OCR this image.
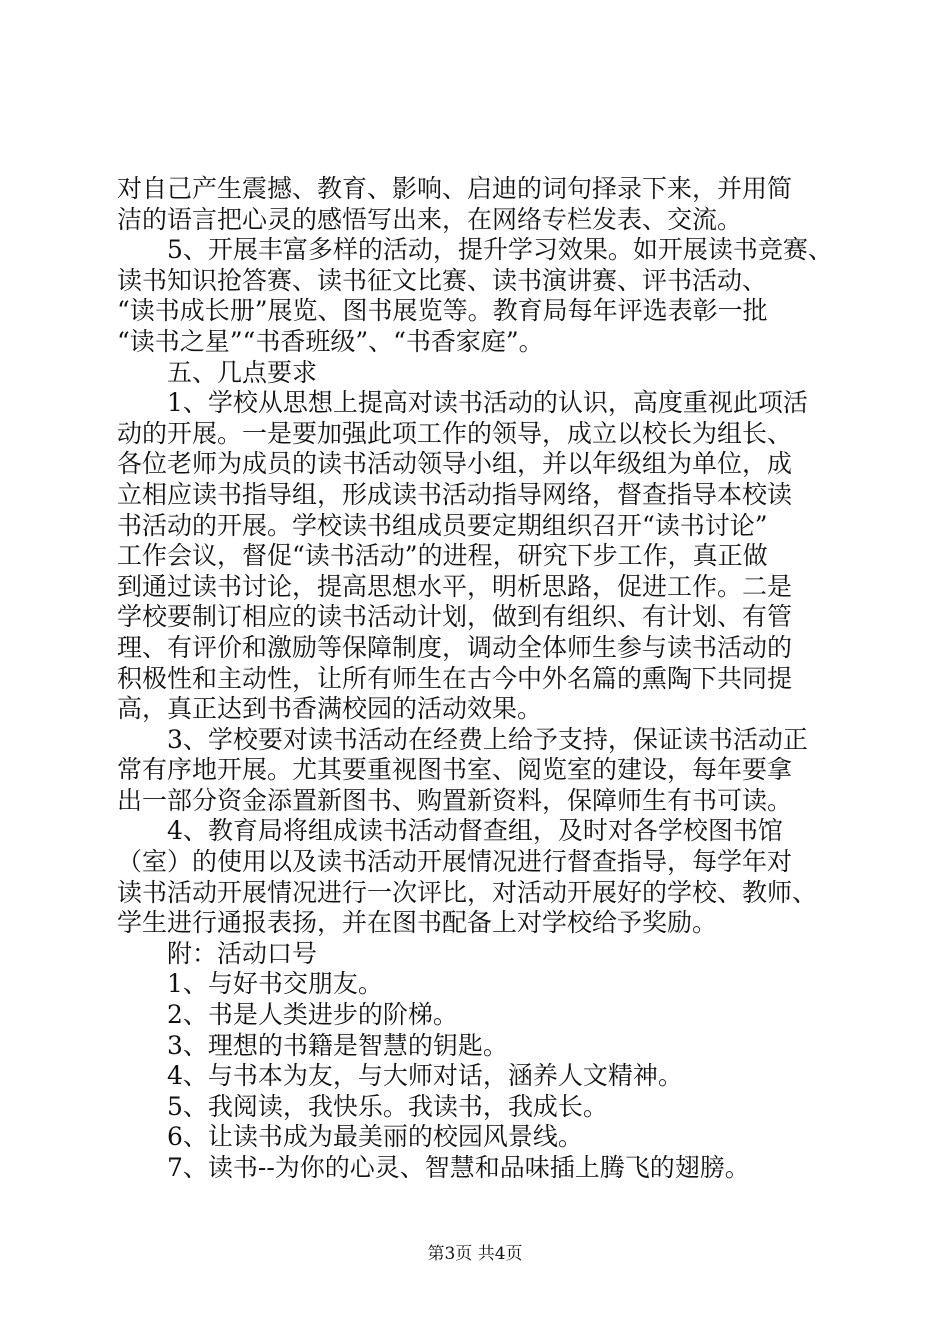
对自己产生震撼、教育、影响、启迪的词句择录下来，并用简
洁的语言把心灵的感悟写出来，在网络专栏发表、交流。
5、开展丰富多样的活动，提升学习效果。如开展读书竞赛、
读书知识抢答赛、读书征文比赛、读书演讲赛、评书活动、
“读书成长册”展览、图书展览等。教育局每年评选表彰一批
“读书之星”“书香班级”、“书香家庭”。
五、几点要求
1、学校从思想上提高对读书活动的认识，高度重视此项活
动的开展。一是要加强此项工作的领导，成立以校长为组长、
各位老师为成员的读书活动领导小组，并以年级组为单位，成
立相应读书指导组，形成读书活动指导网络，督查指导本校读
书活动的开展。学校读书组成员要定期组织召开“读书讨论”
工作会议，督促“读书活动”的进程，研究下步工作，真正做
到通过读书讨论，提高思想水平，明析思路，促进工作。二是
学校要制订相应的读书活动计划，做到有组织、有计划、有管
理、有评价和激励等保障制度，调动全体师生参与读书活动的
积极性和主动性，让所有师生在古今中外名篇的熏陶下共同提
高，真正达到书香满校园的活动效果。
3、学校要对读书活动在经费上给予支持，保证读书活动正
常有序地开展。尤其要重视图书室、阅览室的建设，每年要拿
出一部分资金添置新图书、购置新资料，保障师生有书可读。
4、教育局将组成读书活动督查组，及时对各学校图书馆
（室）的使用以及读书活动开展情况进行督查指导，每学年对
读书活动开展情况进行一次评比，对活动开展好的学校、教师、
学生进行通报表扬，并在图书配备上对学校给予奖励。
附：活动口号
1、与好书交朋友。
2、书是人类进步的阶梯。
3、理想的书籍是智慧的钥匙。
4、与书本为友，与大师对话，涵养人文精神。
5、我阅读，我快乐。我读书，我成长。
6、让读书成为最美丽的校园风景线。
7、读书--为你的心灵、智慧和品味插上腾飞的翅膀。
第3页 共4页
